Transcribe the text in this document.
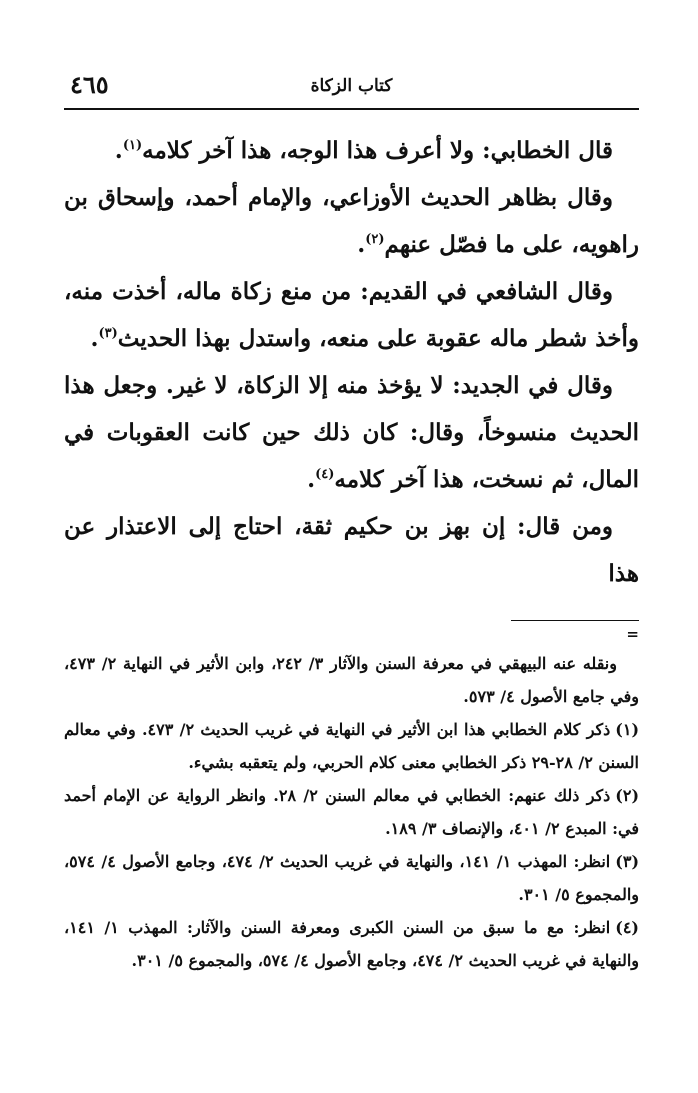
كتاب الزكاة
٤٦٥

قال الخطابي: ولا أعرف هذا الوجه، هذا آخر كلامه$^{(١)}$.

وقال بظاهر الحديث الأوزاعي، والإمام أحمد، وإسحاق بن راهويه، على ما فصّل عنهم$^{(٢)}$.

وقال الشافعي في القديم: من منع زكاة ماله، أخذت منه، وأخذ شطر ماله عقوبة على منعه، واستدل بهذا الحديث$^{(٣)}$.

وقال في الجديد: لا يؤخذ منه إلا الزكاة، لا غير. وجعل هذا الحديث منسوخاً، وقال: كان ذلك حين كانت العقوبات في المال، ثم نسخت، هذا آخر كلامه$^{(٤)}$.

ومن قال: إن بهز بن حكيم ثقة، احتاج إلى الاعتذار عن هذا

=

ونقله عنه البيهقي في معرفة السنن والآثار ٣/ ٢٤٢، وابن الأثير في النهاية ٢/ ٤٧٣، وفي جامع الأصول ٤/ ٥٧٣.

(١)ذكر كلام الخطابي هذا ابن الأثير في النهاية في غريب الحديث ٢/ ٤٧٣. وفي معالم السنن ٢/ ٢٨-٢٩ ذكر الخطابي معنى كلام الحربي، ولم يتعقبه بشيء.

(٢)ذكر ذلك عنهم: الخطابي في معالم السنن ٢/ ٢٨. وانظر الرواية عن الإمام أحمد في: المبدع ٢/ ٤٠١، والإنصاف ٣/ ١٨٩.

(٣)انظر: المهذب ١/ ١٤١، والنهاية في غريب الحديث ٢/ ٤٧٤، وجامع الأصول ٤/ ٥٧٤، والمجموع ٥/ ٣٠١.

(٤)انظر: مع ما سبق من السنن الكبرى ومعرفة السنن والآثار: المهذب ١/ ١٤١، والنهاية في غريب الحديث ٢/ ٤٧٤، وجامع الأصول ٤/ ٥٧٤، والمجموع ٥/ ٣٠١.
